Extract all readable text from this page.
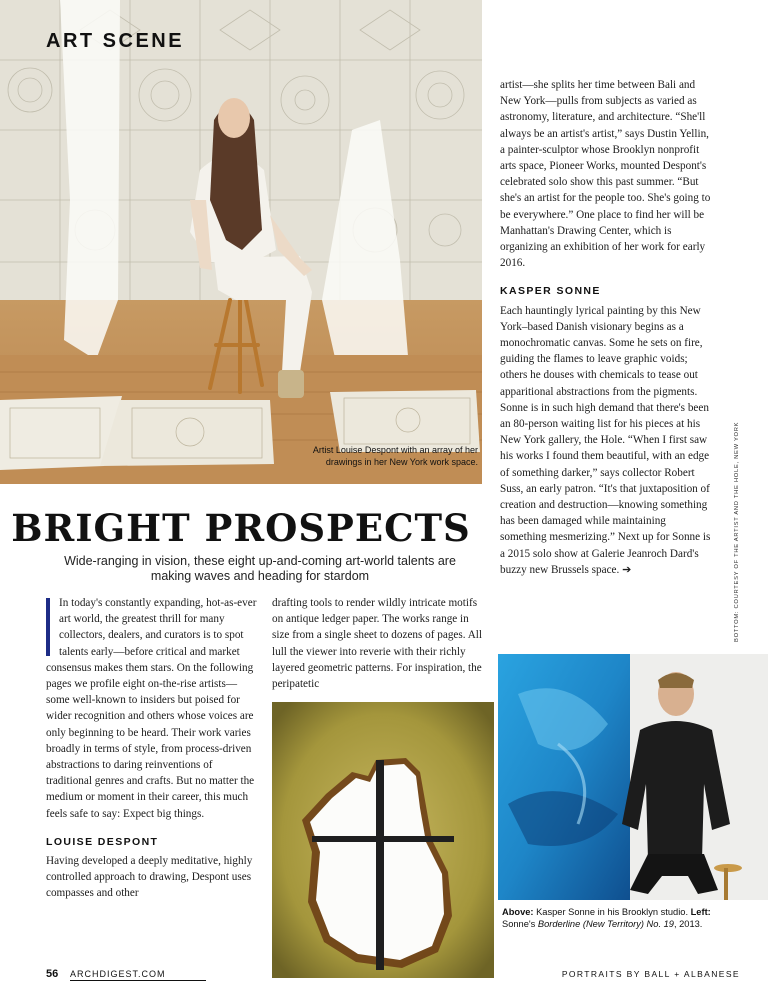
ART SCENE
Artist Louise Despont with an array of her drawings in her New York work space.
BRIGHT PROSPECTS

Wide-ranging in vision, these eight up-and-coming art-world talents are making waves and heading for stardom

In today's constantly expanding, hot-as-ever art world, the greatest thrill for many collectors, dealers, and curators is to spot talents early—before critical and market consensus makes them stars. On the following pages we profile eight on-the-rise artists—some well-known to insiders but poised for wider recognition and others whose voices are only beginning to be heard. Their work varies broadly in terms of style, from process-driven abstractions to daring reinventions of traditional genres and crafts. But no matter the medium or moment in their career, this much feels safe to say: Expect big things.

LOUISE DESPONT

Having developed a deeply meditative, highly controlled approach to drawing, Despont uses compasses and other

drafting tools to render wildly intricate motifs on antique ledger paper. The works range in size from a single sheet to dozens of pages. All lull the viewer into reverie with their richly layered geometric patterns. For inspiration, the peripatetic

artist—she splits her time between Bali and New York—pulls from subjects as varied as astronomy, literature, and architecture. “She'll always be an artist's artist,” says Dustin Yellin, a painter-sculptor whose Brooklyn nonprofit arts space, Pioneer Works, mounted Despont's celebrated solo show this past summer. “But she's an artist for the people too. She's going to be everywhere.” One place to find her will be Manhattan's Drawing Center, which is organizing an exhibition of her work for early 2016.

KASPER SONNE

Each hauntingly lyrical painting by this New York–based Danish visionary begins as a monochromatic canvas. Some he sets on fire, guiding the flames to leave graphic voids; others he douses with chemicals to tease out apparitional abstractions from the pigments. Sonne is in such high demand that there's been an 80-person waiting list for his pieces at his New York gallery, the Hole. “When I first saw his works I found them beautiful, with an edge of something darker,” says collector Robert Suss, an early patron. “It's that juxtaposition of creation and destruction—knowing something has been damaged while maintaining something mesmerizing.” Next up for Sonne is a 2015 solo show at Galerie Jeanroch Dard's buzzy new Brussels space. ➔	BOTTOM: COURTESY OF THE ARTIST AND THE HOLE, NEW YORK
Above: Kasper Sonne in his Brooklyn studio. Left: Sonne's Borderline (New Territory) No. 19, 2013.
56 ARCHDIGEST.COM	PORTRAITS BY BALL + ALBANESE
